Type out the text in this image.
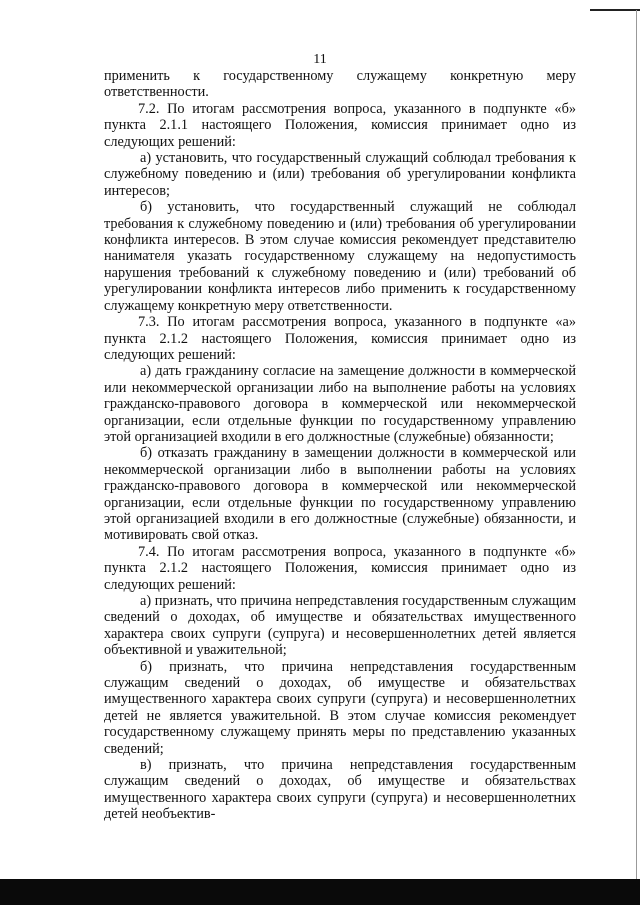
11

применить к государственному служащему конкретную меру ответственности.

7.2. По итогам рассмотрения вопроса, указанного в подпункте «б» пункта 2.1.1 настоящего Положения, комиссия принимает одно из следующих решений:

а) установить, что государственный служащий соблюдал требования к служебному поведению и (или) требования об урегулировании конфликта интересов;

б) установить, что государственный служащий не соблюдал требования к служебному поведению и (или) требования об урегулировании конфликта интересов. В этом случае комиссия рекомендует представителю нанимателя указать государственному служащему на недопустимость нарушения требований к служебному поведению и (или) требований об урегулировании конфликта интересов либо применить к государственному служащему конкретную меру ответственности.

7.3. По итогам рассмотрения вопроса, указанного в подпункте «а» пункта 2.1.2 настоящего Положения, комиссия принимает одно из следующих решений:

а) дать гражданину согласие на замещение должности в коммерческой или некоммерческой организации либо на выполнение работы на условиях гражданско-правового договора в коммерческой или некоммерческой организации, если отдельные функции по государственному управлению этой организацией входили в его должностные (служебные) обязанности;

б) отказать гражданину в замещении должности в коммерческой или некоммерческой организации либо в выполнении работы на условиях гражданско-правового договора в коммерческой или некоммерческой организации, если отдельные функции по государственному управлению этой организацией входили в его должностные (служебные) обязанности, и мотивировать свой отказ.

7.4. По итогам рассмотрения вопроса, указанного в подпункте «б» пункта 2.1.2 настоящего Положения, комиссия принимает одно из следующих решений:

а) признать, что причина непредставления государственным служащим сведений о доходах, об имуществе и обязательствах имущественного характера своих супруги (супруга) и несовершеннолетних детей является объективной и уважительной;

б) признать, что причина непредставления государственным служащим сведений о доходах, об имуществе и обязательствах имущественного характера своих супруги (супруга) и несовершеннолетних детей не является уважительной. В этом случае комиссия рекомендует государственному служащему принять меры по представлению указанных сведений;

в) признать, что причина непредставления государственным служащим сведений о доходах, об имуществе и обязательствах имущественного характера своих супруги (супруга) и несовершеннолетних детей необъектив-
